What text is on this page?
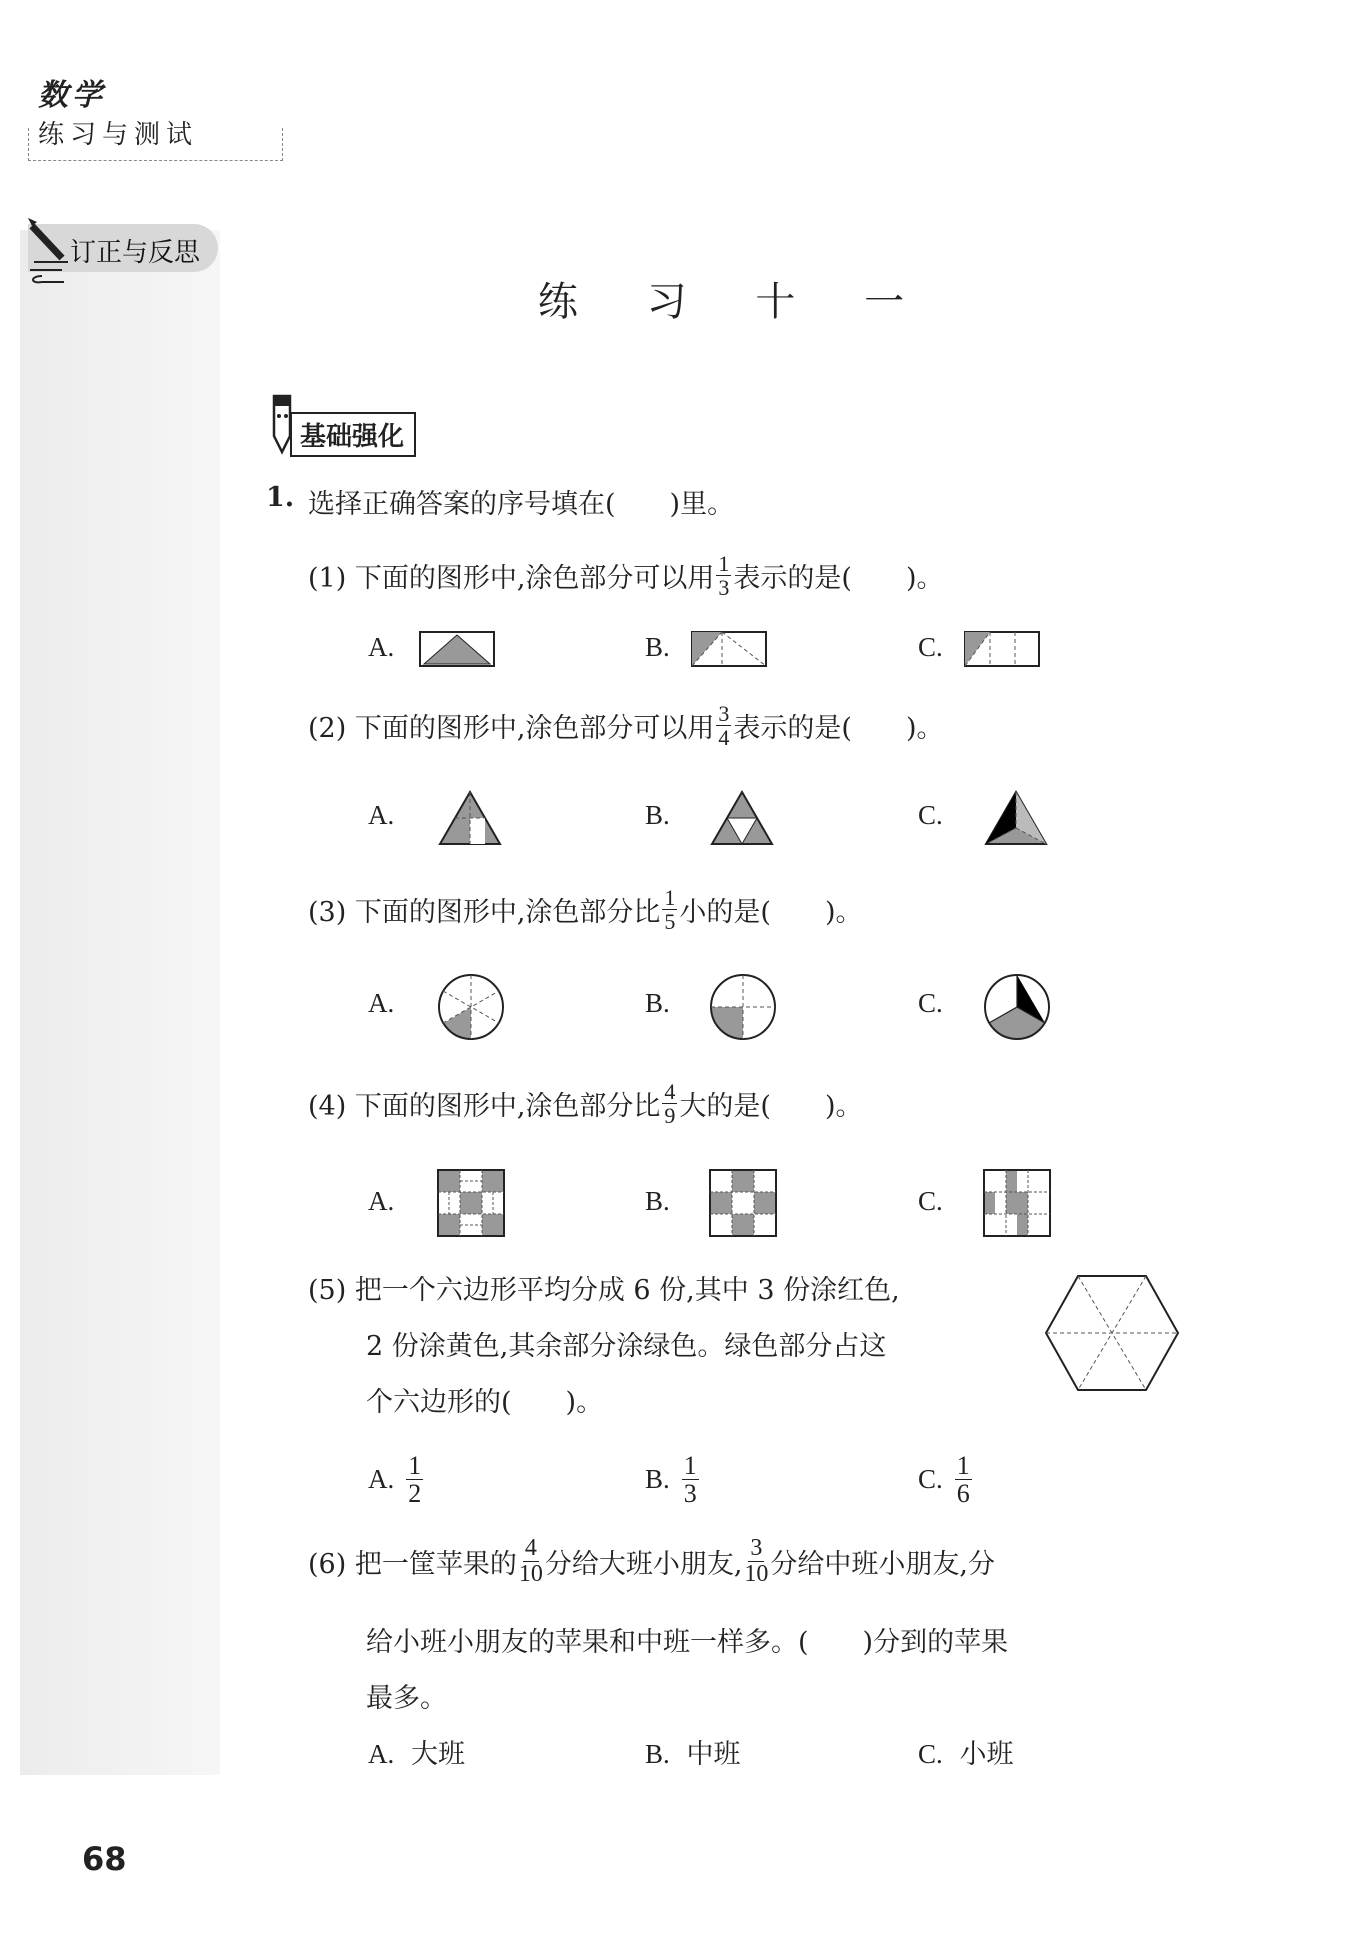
数学
练习与测试
订正与反思
练 习 十 一
基础强化
1. 选择正确答案的序号填在(　　)里。
(1) 下面的图形中,涂色部分可以用 $\frac{1}{3}$ 表示的是(　　)。
A.	B.	C.
(2) 下面的图形中,涂色部分可以用 $\frac{3}{4}$ 表示的是(　　)。
A.	B.	C.
(3) 下面的图形中,涂色部分比 $\frac{1}{5}$ 小的是(　　)。
A.	B.	C.
(4) 下面的图形中,涂色部分比 $\frac{4}{9}$ 大的是(　　)。
A.	B.	C.
(5) 把一个六边形平均分成 6 份,其中 3 份涂红色,
2 份涂黄色,其余部分涂绿色。绿色部分占这
个六边形的(　　)。
A. $\frac{1}{2}$	B. $\frac{1}{3}$	C. $\frac{1}{6}$
(6) 把一筐苹果的 $\frac{4}{10}$ 分给大班小朋友, $\frac{3}{10}$ 分给中班小朋友,分
给小班小朋友的苹果和中班一样多。(　　)分到的苹果
最多。
A. 大班	B. 中班	C. 小班
68
